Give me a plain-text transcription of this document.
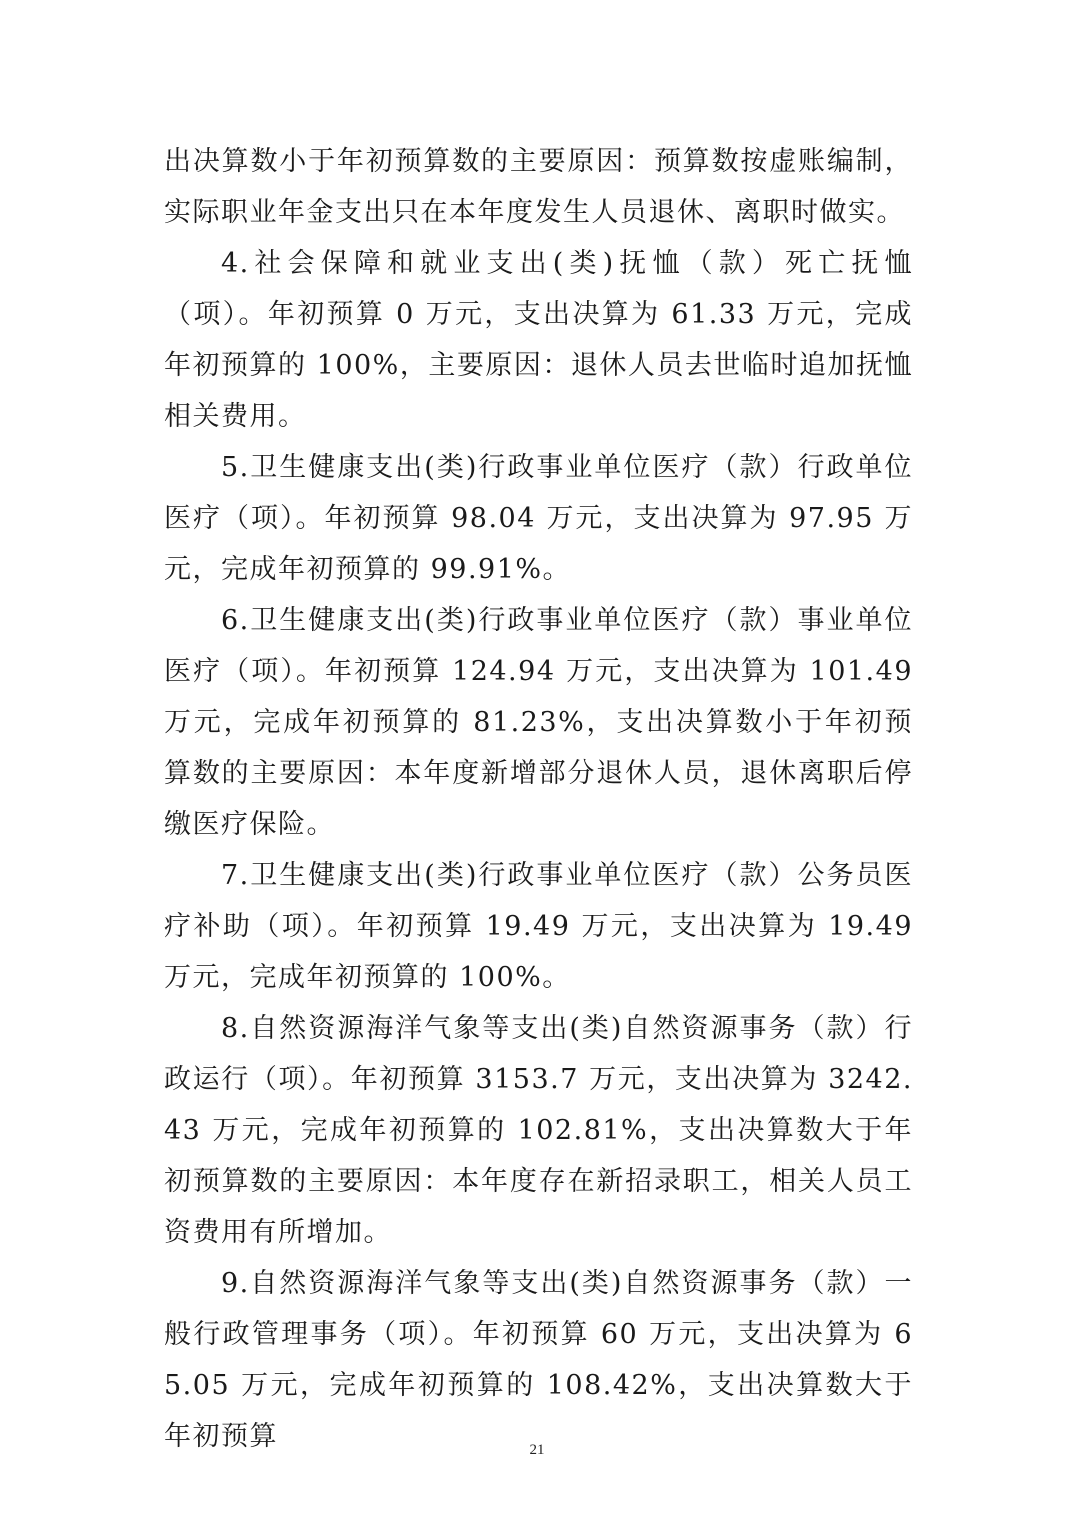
出决算数小于年初预算数的主要原因：预算数按虚账编制，实际职业年金支出只在本年度发生人员退休、离职时做实。

4.社会保障和就业支出(类)抚恤（款）死亡抚恤（项）。年初预算 0 万元，支出决算为 61.33 万元，完成年初预算的 100%，主要原因：退休人员去世临时追加抚恤相关费用。

5.卫生健康支出(类)行政事业单位医疗（款）行政单位医疗（项）。年初预算 98.04 万元，支出决算为 97.95 万元，完成年初预算的 99.91%。

6.卫生健康支出(类)行政事业单位医疗（款）事业单位医疗（项）。年初预算 124.94 万元，支出决算为 101.49 万元，完成年初预算的 81.23%，支出决算数小于年初预算数的主要原因：本年度新增部分退休人员，退休离职后停缴医疗保险。

7.卫生健康支出(类)行政事业单位医疗（款）公务员医疗补助（项）。年初预算 19.49 万元，支出决算为 19.49 万元，完成年初预算的 100%。

8.自然资源海洋气象等支出(类)自然资源事务（款）行政运行（项）。年初预算 3153.7 万元，支出决算为 3242.43 万元，完成年初预算的 102.81%，支出决算数大于年初预算数的主要原因：本年度存在新招录职工，相关人员工资费用有所增加。

9.自然资源海洋气象等支出(类)自然资源事务（款）一般行政管理事务（项）。年初预算 60 万元，支出决算为 65.05 万元，完成年初预算的 108.42%，支出决算数大于年初预算	21
